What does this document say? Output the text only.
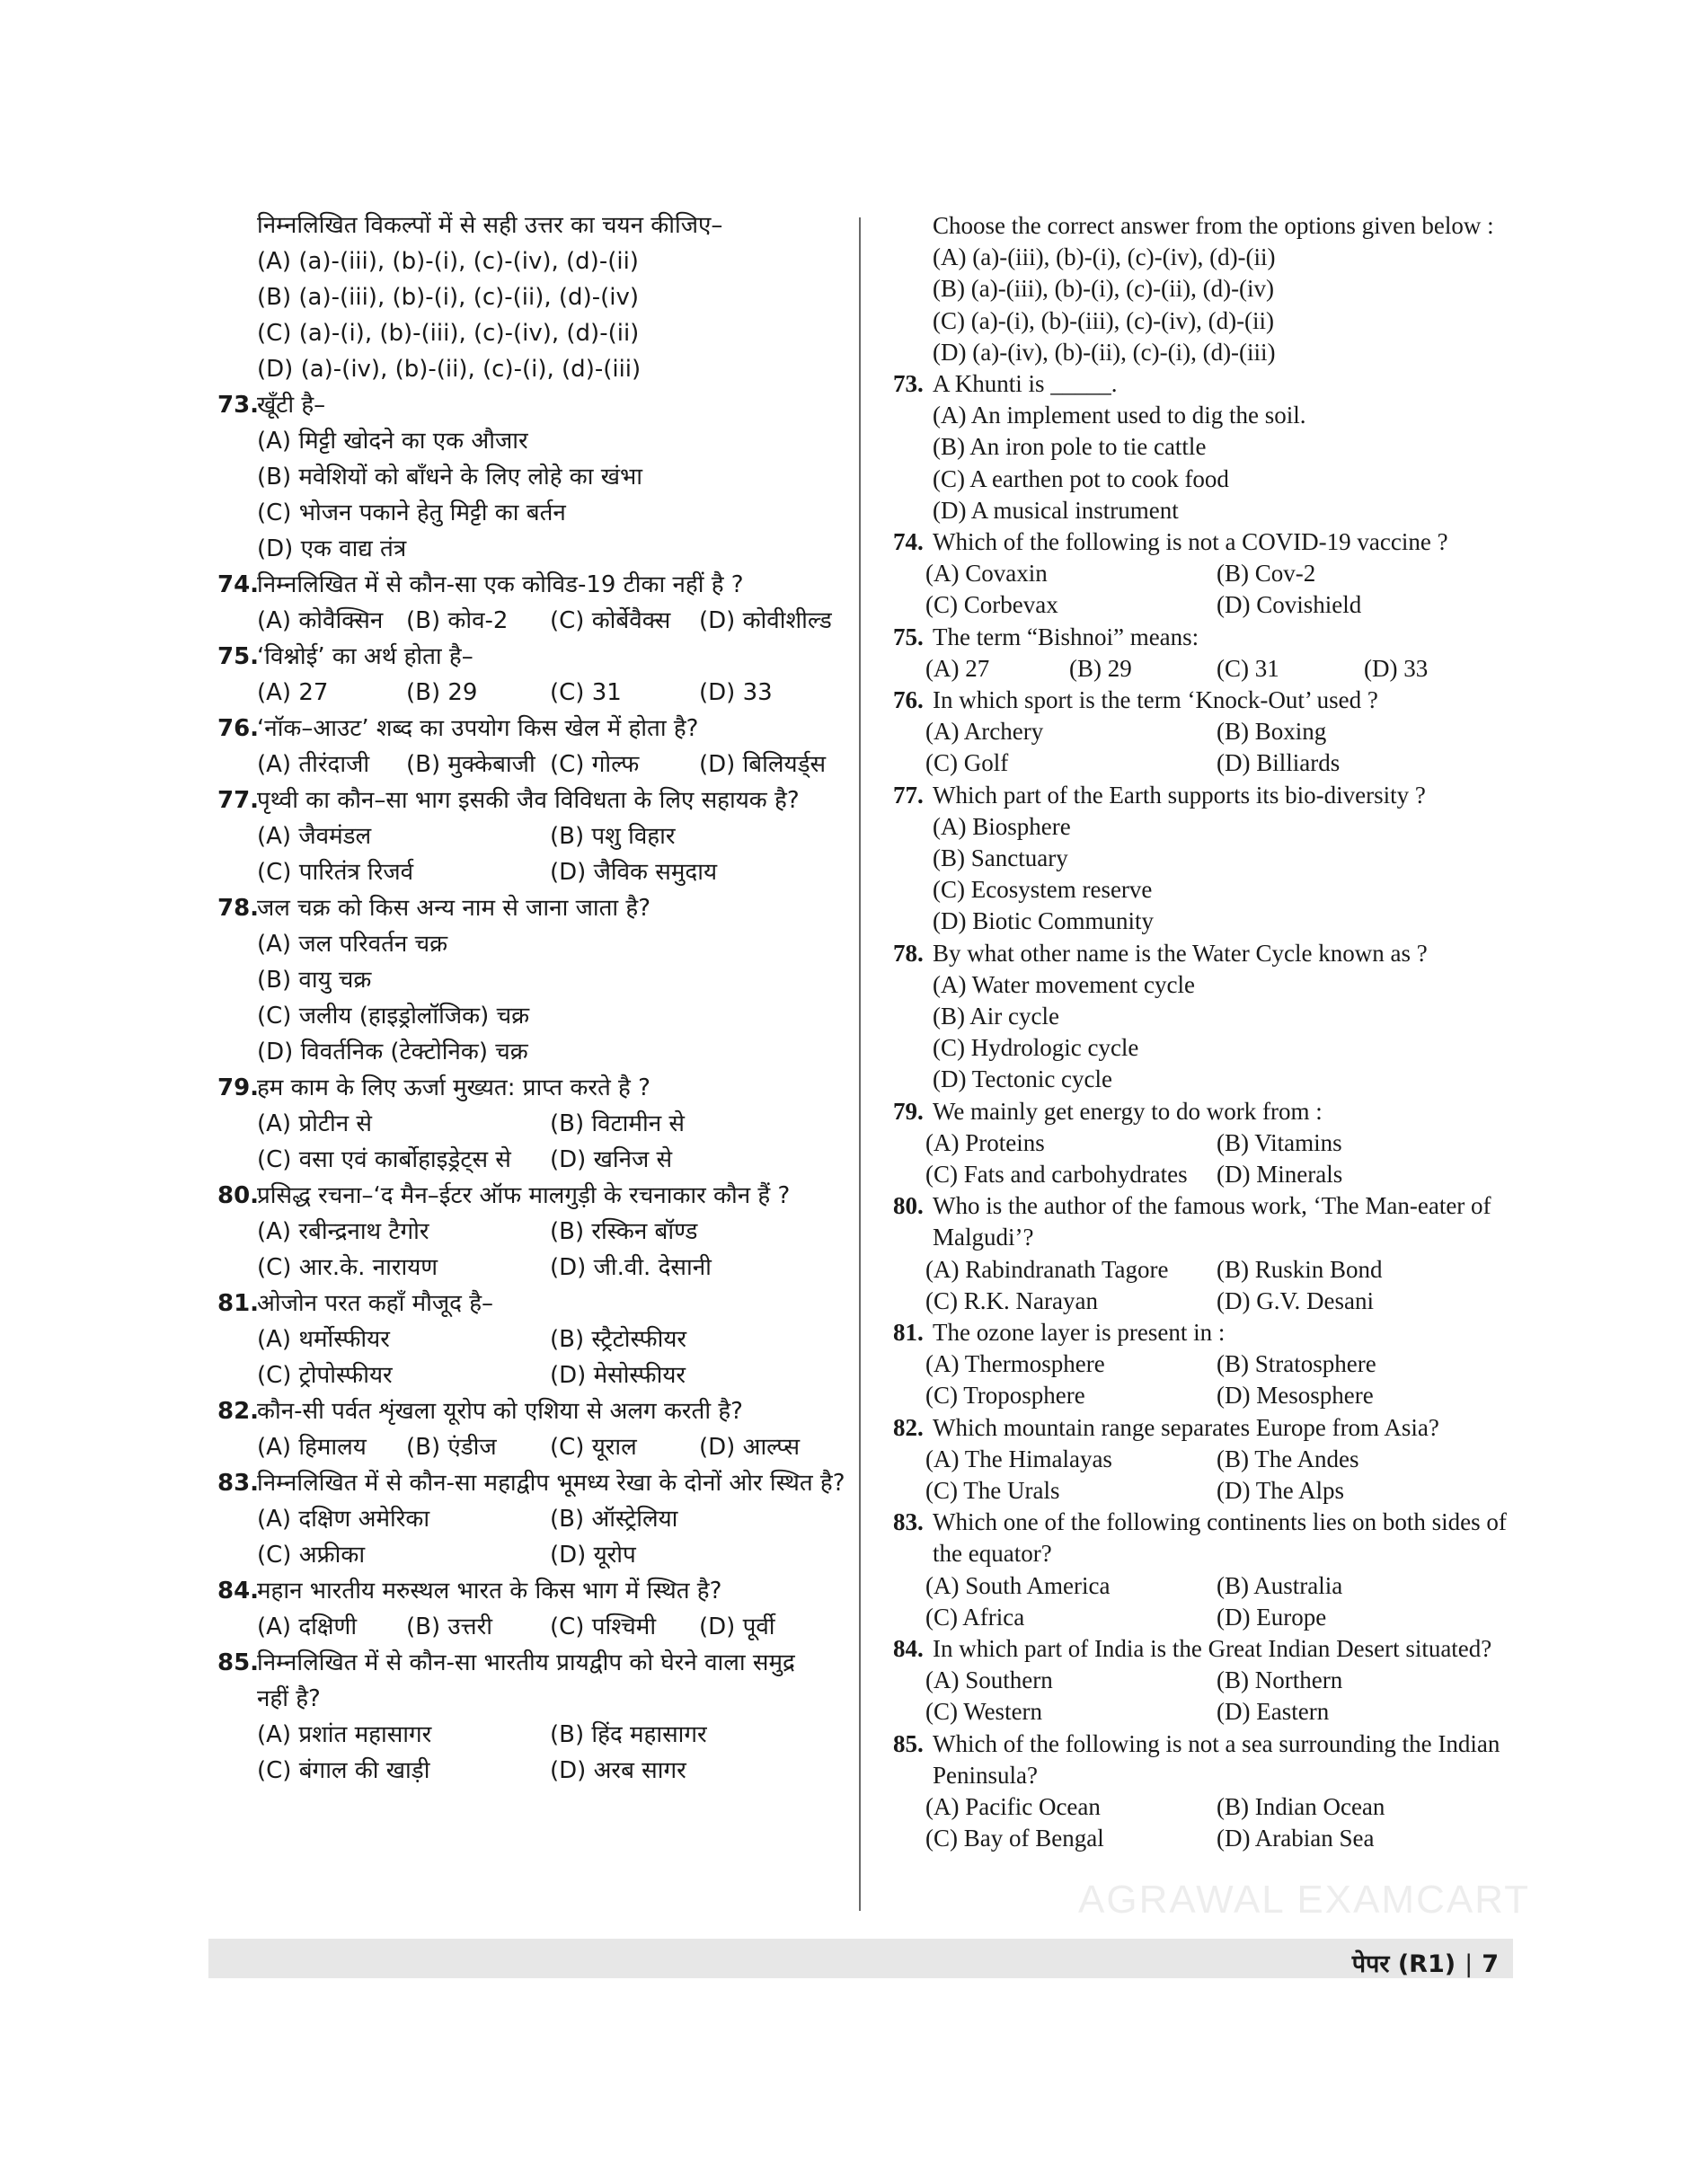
निम्नलिखित विकल्पों में से सही उत्तर का चयन कीजिए–
(A) (a)-(iii), (b)-(i), (c)-(iv), (d)-(ii)
(B) (a)-(iii), (b)-(i), (c)-(ii), (d)-(iv)
(C) (a)-(i), (b)-(iii), (c)-(iv), (d)-(ii)
(D) (a)-(iv), (b)-(ii), (c)-(i), (d)-(iii)
73.
खूँटी है–
(A) मिट्टी खोदने का एक औजार
(B) मवेशियों को बाँधने के लिए लोहे का खंभा
(C) भोजन पकाने हेतु मिट्टी का बर्तन
(D) एक वाद्य तंत्र
74.
निम्नलिखित में से कौन-सा एक कोविड-19 टीका नहीं है ?
(A) कोवैक्सिन (B) कोव-2 (C) कोर्बेवैक्स (D) कोवीशील्ड
75.
‘विश्नोई’ का अर्थ होता है–
(A) 27	(B) 29	(C) 31	(D) 33
76.
‘नॉक–आउट’ शब्द का उपयोग किस खेल में होता है?
(A) तीरंदाजी (B) मुक्केबाजी (C) गोल्फ	(D) बिलियर्ड्स
77.
पृथ्वी का कौन–सा भाग इसकी जैव विविधता के लिए सहायक है?
(A) जैवमंडल	(B) पशु विहार
(C) पारितंत्र रिजर्व	(D) जैविक समुदाय
78.
जल चक्र को किस अन्य नाम से जाना जाता है?
(A) जल परिवर्तन चक्र
(B) वायु चक्र
(C) जलीय (हाइड्रोलॉजिक) चक्र
(D) विवर्तनिक (टेक्टोनिक) चक्र
79.
हम काम के लिए ऊर्जा मुख्यत: प्राप्त करते है ?
(A) प्रोटीन से	(B) विटामीन से
(C) वसा एवं कार्बोहाइड्रेट्स से (D) खनिज से
80.
प्रसिद्ध रचना–‘द मैन–ईटर ऑफ मालगुड़ी के रचनाकार कौन हैं ?
(A) रबीन्द्रनाथ टैगोर	(B) रस्किन बॉण्ड
(C) आर.के. नारायण	(D) जी.वी. देसानी
81.
ओजोन परत कहाँ मौजूद है–
(A) थर्मोस्फीयर	(B) स्ट्रैटोस्फीयर
(C) ट्रोपोस्फीयर	(D) मेसोस्फीयर
82.
कौन-सी पर्वत शृंखला यूरोप को एशिया से अलग करती है?
(A) हिमालय (B) एंडीज (C) यूराल	(D) आल्प्स
83.
निम्नलिखित में से कौन-सा महाद्वीप भूमध्य रेखा के दोनों ओर स्थित है?
(A) दक्षिण अमेरिका	(B) ऑस्ट्रेलिया
(C) अफ्रीका	(D) यूरोप
84.
महान भारतीय मरुस्थल भारत के किस भाग में स्थित है?
(A) दक्षिणी (B) उत्तरी (C) पश्चिमी (D) पूर्वी
85.
निम्नलिखित में से कौन-सा भारतीय प्रायद्वीप को घेरने वाला समुद्र
नहीं है?
(A) प्रशांत महासागर	(B) हिंद महासागर
(C) बंगाल की खाड़ी	(D) अरब सागर
Choose the correct answer from the options given below :
(A) (a)-(iii), (b)-(i), (c)-(iv), (d)-(ii)
(B) (a)-(iii), (b)-(i), (c)-(ii), (d)-(iv)
(C) (a)-(i), (b)-(iii), (c)-(iv), (d)-(ii)
(D) (a)-(iv), (b)-(ii), (c)-(i), (d)-(iii)
73. A Khunti is _____.
(A) An implement used to dig the soil.
(B) An iron pole to tie cattle
(C) A earthen pot to cook food
(D) A musical instrument
74. Which of the following is not a COVID-19 vaccine ?
(A) Covaxin	(B) Cov-2
(C) Corbevax	(D) Covishield
75. The term “Bishnoi” means:
(A) 27	(B) 29	(C) 31	(D) 33
76. In which sport is the term ‘Knock-Out’ used ?
(A) Archery	(B) Boxing
(C) Golf	(D) Billiards
77. Which part of the Earth supports its bio-diversity ?
(A) Biosphere
(B) Sanctuary
(C) Ecosystem reserve
(D) Biotic Community
78. By what other name is the Water Cycle known as ?
(A) Water movement cycle
(B) Air cycle
(C) Hydrologic cycle
(D) Tectonic cycle
79. We mainly get energy to do work from :
(A) Proteins	(B) Vitamins
(C) Fats and carbohydrates (D) Minerals
80. Who is the author of the famous work, ‘The Man-eater of
Malgudi’?
(A) Rabindranath Tagore (B) Ruskin Bond
(C) R.K. Narayan	(D) G.V. Desani
81. The ozone layer is present in :
(A) Thermosphere	(B) Stratosphere
(C) Troposphere	(D) Mesosphere
82. Which mountain range separates Europe from Asia?
(A) The Himalayas	(B) The Andes
(C) The Urals	(D) The Alps
83. Which one of the following continents lies on both sides of
the equator?
(A) South America	(B) Australia
(C) Africa	(D) Europe
84. In which part of India is the Great Indian Desert situated?
(A) Southern	(B) Northern
(C) Western	(D) Eastern
85. Which of the following is not a sea surrounding the Indian
Peninsula?
(A) Pacific Ocean	(B) Indian Ocean
(C) Bay of Bengal	(D) Arabian Sea
AGRAWAL EXAMCART
पेपर (R1) | 7
